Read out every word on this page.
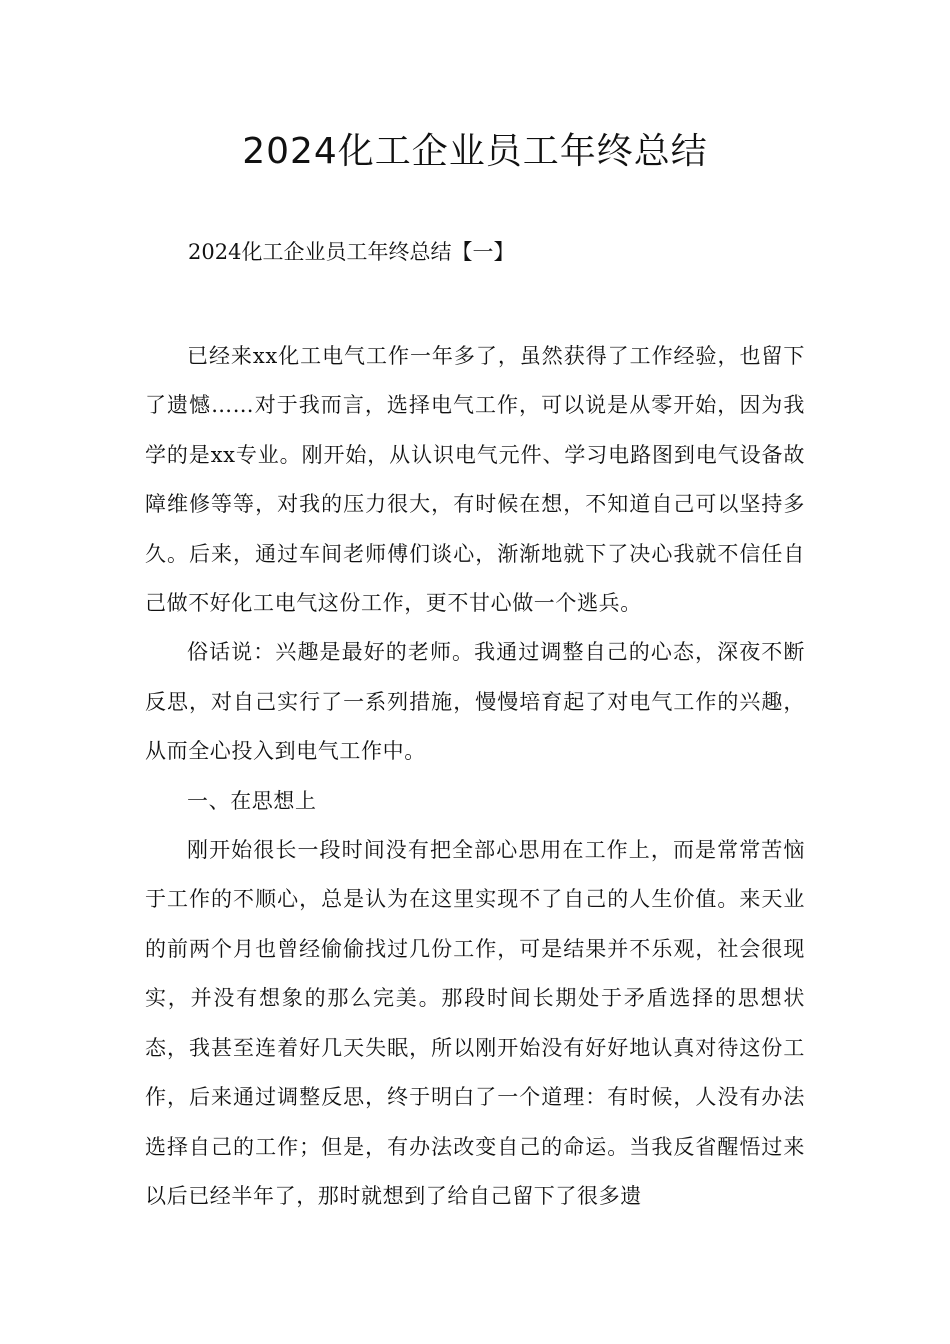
2024化工企业员工年终总结
2024化工企业员工年终总结【一】

已经来xx化工电气工作一年多了，虽然获得了工作经验，也留下了遗憾……对于我而言，选择电气工作，可以说是从零开始，因为我学的是xx专业。刚开始，从认识电气元件、学习电路图到电气设备故障维修等等，对我的压力很大，有时候在想，不知道自己可以坚持多久。后来，通过车间老师傅们谈心，渐渐地就下了决心我就不信任自己做不好化工电气这份工作，更不甘心做一个逃兵。

俗话说：兴趣是最好的老师。我通过调整自己的心态，深夜不断反思，对自己实行了一系列措施，慢慢培育起了对电气工作的兴趣，从而全心投入到电气工作中。

一、在思想上

刚开始很长一段时间没有把全部心思用在工作上，而是常常苦恼于工作的不顺心，总是认为在这里实现不了自己的人生价值。来天业的前两个月也曾经偷偷找过几份工作，可是结果并不乐观，社会很现实，并没有想象的那么完美。那段时间长期处于矛盾选择的思想状态，我甚至连着好几天失眠，所以刚开始没有好好地认真对待这份工作，后来通过调整反思，终于明白了一个道理：有时候，人没有办法选择自己的工作；但是，有办法改变自己的命运。当我反省醒悟过来以后已经半年了，那时就想到了给自己留下了很多遗
